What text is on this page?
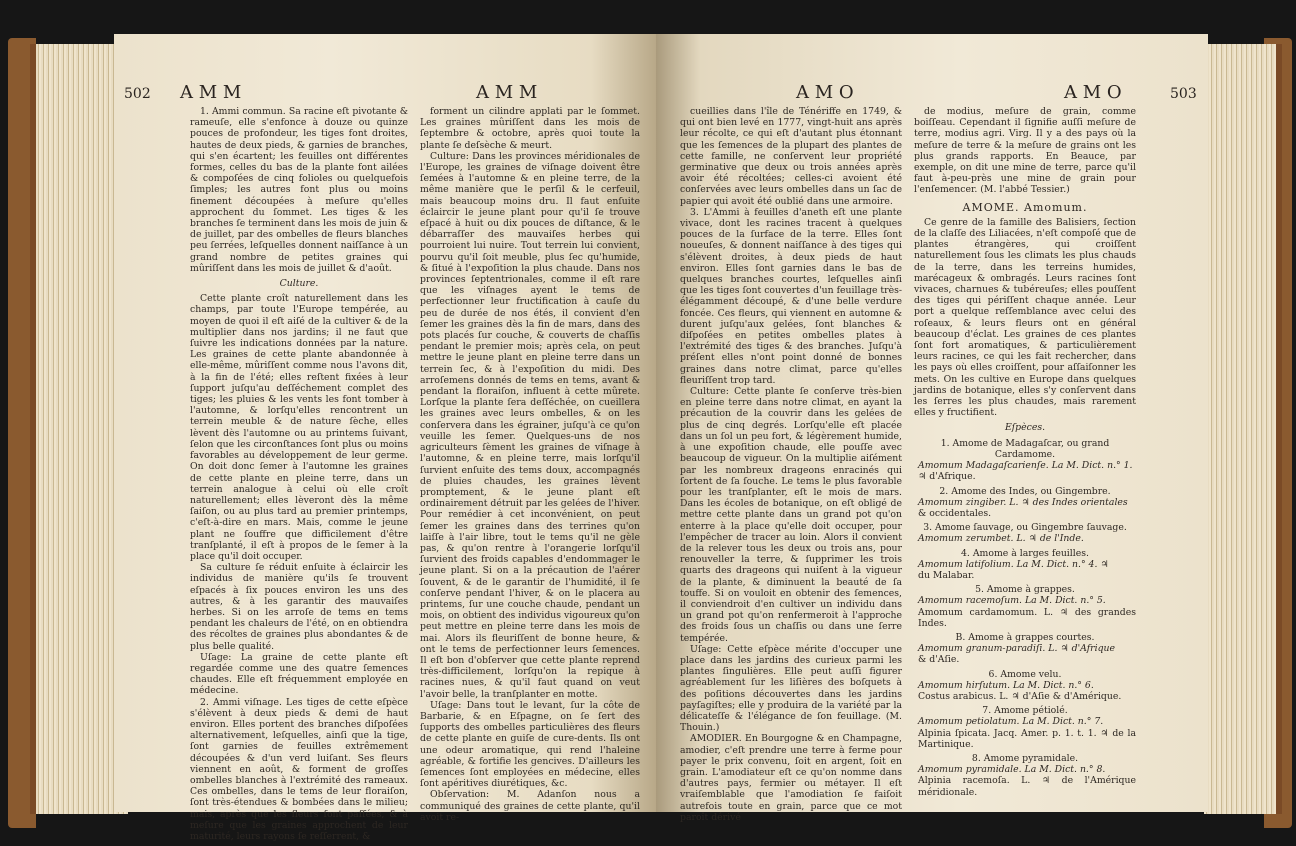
502 A M M	A M M

1. Ammi commun. Sa racine eſt pivotante & rameuſe, elle s'enfonce à douze ou quinze pouces de profondeur, les tiges font droites, hautes de deux pieds, & garnies de branches, qui s'en écartent; les feuilles ont différentes formes, celles du bas de la plante font ailées & compoſées de cinq folioles ou quelquefois ſimples; les autres font plus ou moins finement découpées à meſure qu'elles approchent du ſommet. Les tiges & les branches ſe terminent dans les mois de juin & de juillet, par des ombelles de fleurs blanches peu ſerrées, leſquelles donnent naiſſance à un grand nombre de petites graines qui mûriſſent dans les mois de juillet & d'août.

Culture.

Cette plante croît naturellement dans les champs, par toute l'Europe tempérée, au moyen de quoi il eſt aiſé de la cultiver & de la multiplier dans nos jardins; il ne faut que ſuivre les indications données par la nature. Les graines de cette plante abandonnée à elle-même, mûriſſent comme nous l'avons dit, à la fin de l'été; elles reſtent fixées à leur ſupport juſqu'au deſſéchement complet des tiges; les pluies & les vents les font tomber à l'automne, & lorſqu'elles rencontrent un terrein meuble & de nature ſèche, elles lèvent dès l'automne ou au printems ſuivant, ſelon que les circonſtances ſont plus ou moins favorables au développement de leur germe. On doit donc ſemer à l'automne les graines de cette plante en pleine terre, dans un terrein analogue à celui où elle croît naturellement; elles lèveront dès la même ſaiſon, ou au plus tard au premier printemps, c'eſt-à-dire en mars. Mais, comme le jeune plant ne ſouffre que difficilement d'être tranſplanté, il eſt à propos de le ſemer à la place qu'il doit occuper.

Sa culture ſe réduit enſuite à éclaircir les individus de manière qu'ils ſe trouvent eſpacés à ſix pouces environ les uns des autres, & à les garantir des mauvaiſes herbes. Si on les arroſe de tems en tems pendant les chaleurs de l'été, on en obtiendra des récoltes de graines plus abondantes & de plus belle qualité.

Uſage: La graine de cette plante eſt regardée comme une des quatre ſemences chaudes. Elle eſt fréquemment employée en médecine.

2. Ammi viſnage. Les tiges de cette eſpèce s'élèvent à deux pieds & demi de haut environ. Elles portent des branches diſpoſées alternativement, leſquelles, ainſi que la tige, ſont garnies de feuilles extrêmement découpées & d'un verd luiſant. Ses fleurs viennent en août, & forment de groſſes ombelles blanches à l'extrémité des rameaux. Ces ombelles, dans le tems de leur floraiſon, ſont très-étendues & bombées dans le milieu; mais, après que les fleurs ſont paſſées, & à meſure que les graines approchent de leur maturité, leurs rayons ſe reſſerrent, &

forment un cilindre applati par le ſommet. Les graines mûriſſent dans les mois de ſeptembre & octobre, après quoi toute la plante ſe deſsèche & meurt.

Culture: Dans les provinces méridionales de l'Europe, les graines de viſnage doivent être ſemées à l'automne & en pleine terre, de la même manière que le perſil & le cerfeuil, mais beaucoup moins dru. Il faut enſuite éclaircir le jeune plant pour qu'il ſe trouve eſpacé à huit ou dix pouces de diſtance, & le débarraſſer des mauvaiſes herbes qui pourroient lui nuire. Tout terrein lui convient, pourvu qu'il ſoit meuble, plus ſec qu'humide, & ſitué à l'expoſition la plus chaude. Dans nos provinces ſeptentrionales, comme il eſt rare que les viſnages ayent le tems de perfectionner leur fructification à cauſe du peu de durée de nos étés, il convient d'en ſemer les graines dès la fin de mars, dans des pots placés ſur couche, & couverts de chaſſis pendant le premier mois; après cela, on peut mettre le jeune plant en pleine terre dans un terrein ſec, & à l'expoſition du midi. Des arroſemens donnés de tems en tems, avant & pendant la floraiſon, influent à cette mûrete. Lorſque la plante ſera deſſéchée, on cueillera les graines avec leurs ombelles, & on les conſervera dans les égrainer, juſqu'à ce qu'on veuille les ſemer. Quelques-uns de nos agriculteurs ſèment les graines de viſnage à l'automne, & en pleine terre, mais lorſqu'il ſurvient enſuite des tems doux, accompagnés de pluies chaudes, les graines lèvent promptement, & le jeune plant eſt ordinairement détruit par les gelées de l'hiver. Pour remédier à cet inconvénient, on peut ſemer les graines dans des terrines qu'on laiſſe à l'air libre, tout le tems qu'il ne gèle pas, & qu'on rentre à l'orangerie lorſqu'il ſurvient des froids capables d'endommager le jeune plant. Si on a la précaution de l'aérer ſouvent, & de le garantir de l'humidité, il ſe conſerve pendant l'hiver, & on le placera au printems, ſur une couche chaude, pendant un mois, on obtient des individus vigoureux qu'on peut mettre en pleine terre dans les mois de mai. Alors ils fleuriſſent de bonne heure, & ont le tems de perfectionner leurs ſemences. Il eſt bon d'obſerver que cette plante reprend très-difficilement, lorſqu'on la repique à racines nues, & qu'il faut quand on veut l'avoir belle, la tranſplanter en motte.

Uſage: Dans tout le levant, ſur la côte de Barbarie, & en Eſpagne, on ſe ſert des ſupports des ombelles particulières des fleurs de cette plante en guiſe de cure-dents. Ils ont une odeur aromatique, qui rend l'haleine agréable, & fortifie les gencives. D'ailleurs les ſemences ſont employées en médecine, elles ſont apéritives diurétiques, &c.

Obſervation: M. Adanſon nous a communiqué des graines de cette plante, qu'il avoit re-

A M O	A M O	503

cueillies dans l'île de Ténériffe en 1749, & qui ont bien levé en 1777, vingt-huit ans après leur récolte, ce qui eſt d'autant plus étonnant que les ſemences de la plupart des plantes de cette famille, ne conſervent leur propriété germinative que deux ou trois années après avoir été récoltées; celles-ci avoient été conſervées avec leurs ombelles dans un ſac de papier qui avoit été oublié dans une armoire.

3. L'Ammi à feuilles d'aneth eſt une plante vivace, dont les racines tracent à quelques pouces de la ſurface de la terre. Elles ſont noueuſes, & donnent naiſſance à des tiges qui s'élèvent droites, à deux pieds de haut environ. Elles ſont garnies dans le bas de quelques branches courtes, leſquelles ainſi que les tiges ſont couvertes d'un feuillage très-élégamment découpé, & d'une belle verdure foncée. Ces fleurs, qui viennent en automne & durent juſqu'aux gelées, ſont blanches & diſpoſées en petites ombelles plates à l'extrémité des tiges & des branches. Juſqu'à préſent elles n'ont point donné de bonnes graines dans notre climat, parce qu'elles fleuriſſent trop tard.

Culture: Cette plante ſe conſerve très-bien en pleine terre dans notre climat, en ayant la précaution de la couvrir dans les gelées de plus de cinq degrés. Lorſqu'elle eſt placée dans un ſol un peu fort, & légèrement humide, à une expoſition chaude, elle pouſſe avec beaucoup de vigueur. On la multiplie aiſément par les nombreux drageons enracinés qui ſortent de ſa ſouche. Le tems le plus favorable pour les tranſplanter, eſt le mois de mars. Dans les écoles de botanique, on eſt obligé de mettre cette plante dans un grand pot qu'on enterre à la place qu'elle doit occuper, pour l'empêcher de tracer au loin. Alors il convient de la relever tous les deux ou trois ans, pour renouveller la terre, & ſupprimer les trois quarts des drageons qui nuiſent à la vigueur de la plante, & diminuent la beauté de ſa touffe. Si on vouloit en obtenir des ſemences, il conviendroit d'en cultiver un individu dans un grand pot qu'on renfermeroit à l'approche des froids ſous un chaſſis ou dans une ſerre tempérée.

Uſage: Cette eſpèce mérite d'occuper une place dans les jardins des curieux parmi les plantes ſingulières. Elle peut auſſi figurer agréablement ſur les liſières des boſquets à des poſitions découvertes dans les jardins payſagiſtes; elle y produira de la variété par la délicateſſe & l'élégance de ſon feuillage. (M. Thouin.)

AMODIER. En Bourgogne & en Champagne, amodier, c'eſt prendre une terre à ferme pour payer le prix convenu, ſoit en argent, ſoit en grain. L'amodiateur eſt ce qu'on nomme dans d'autres pays, fermier ou métayer. Il eſt vraiſemblable que l'amodiation ſe faiſoit autrefois toute en grain, parce que ce mot paroît dérivé

de modius, meſure de grain, comme boiſſeau. Cependant il ſignifie auſſi meſure de terre, modius agri. Virg. Il y a des pays où la meſure de terre & la meſure de grains ont les plus grands rapports. En Beauce, par exemple, on dit une mine de terre, parce qu'il faut à-peu-près une mine de grain pour l'enſemencer. (M. l'abbé Tessier.)

AMOME. Amomum.

Ce genre de la famille des Balisiers, ſection de la claſſe des Liliacées, n'eſt compoſé que de plantes étrangères, qui croiſſent naturellement ſous les climats les plus chauds de la terre, dans les terreins humides, marécageux & ombragés. Leurs racines ſont vivaces, charnues & tubéreuſes; elles pouſſent des tiges qui périſſent chaque année. Leur port a quelque reſſemblance avec celui des roſeaux, & leurs fleurs ont en général beaucoup d'éclat. Les graines de ces plantes ſont fort aromatiques, & particulièrement leurs racines, ce qui les fait rechercher, dans les pays où elles croiſſent, pour aſſaiſonner les mets. On les cultive en Europe dans quelques jardins de botanique, elles s'y conſervent dans les ſerres les plus chaudes, mais rarement elles y fructifient.

Eſpèces.

1. Amome de Madagaſcar, ou grand Cardamome.

Amomum Madagaſcarienſe. La M. Dict. n.° 1.

♃ d'Afrique.

2. Amome des Indes, ou Gingembre.

Amomum zingiber. L. ♃ des Indes orientales

& occidentales.

3. Amome ſauvage, ou Gingembre ſauvage.

Amomum zerumbet. L. ♃ de l'Inde.

4. Amome à larges feuilles.

Amomum latifolium. La M. Dict. n.° 4. ♃

du Malabar.

5. Amome à grappes.

Amomum racemoſum. La M. Dict. n.° 5.

Amomum cardamomum. L. ♃ des grandes Indes.

B. Amome à grappes courtes.

Amomum granum-paradiſi. L. ♃ d'Afrique

& d'Aſie.

6. Amome velu.

Amomum hirſutum. La M. Dict. n.° 6.

Costus arabicus. L. ♃ d'Aſie & d'Amérique.

7. Amome pétiolé.

Amomum petiolatum. La M. Dict. n.° 7.

Alpinia ſpicata. Jacq. Amer. p. 1. t. 1. ♃ de la Martinique.

8. Amome pyramidale.

Amomum pyramidale. La M. Dict. n.° 8.

Alpinia racemoſa. L. ♃ de l'Amérique méridionale.
